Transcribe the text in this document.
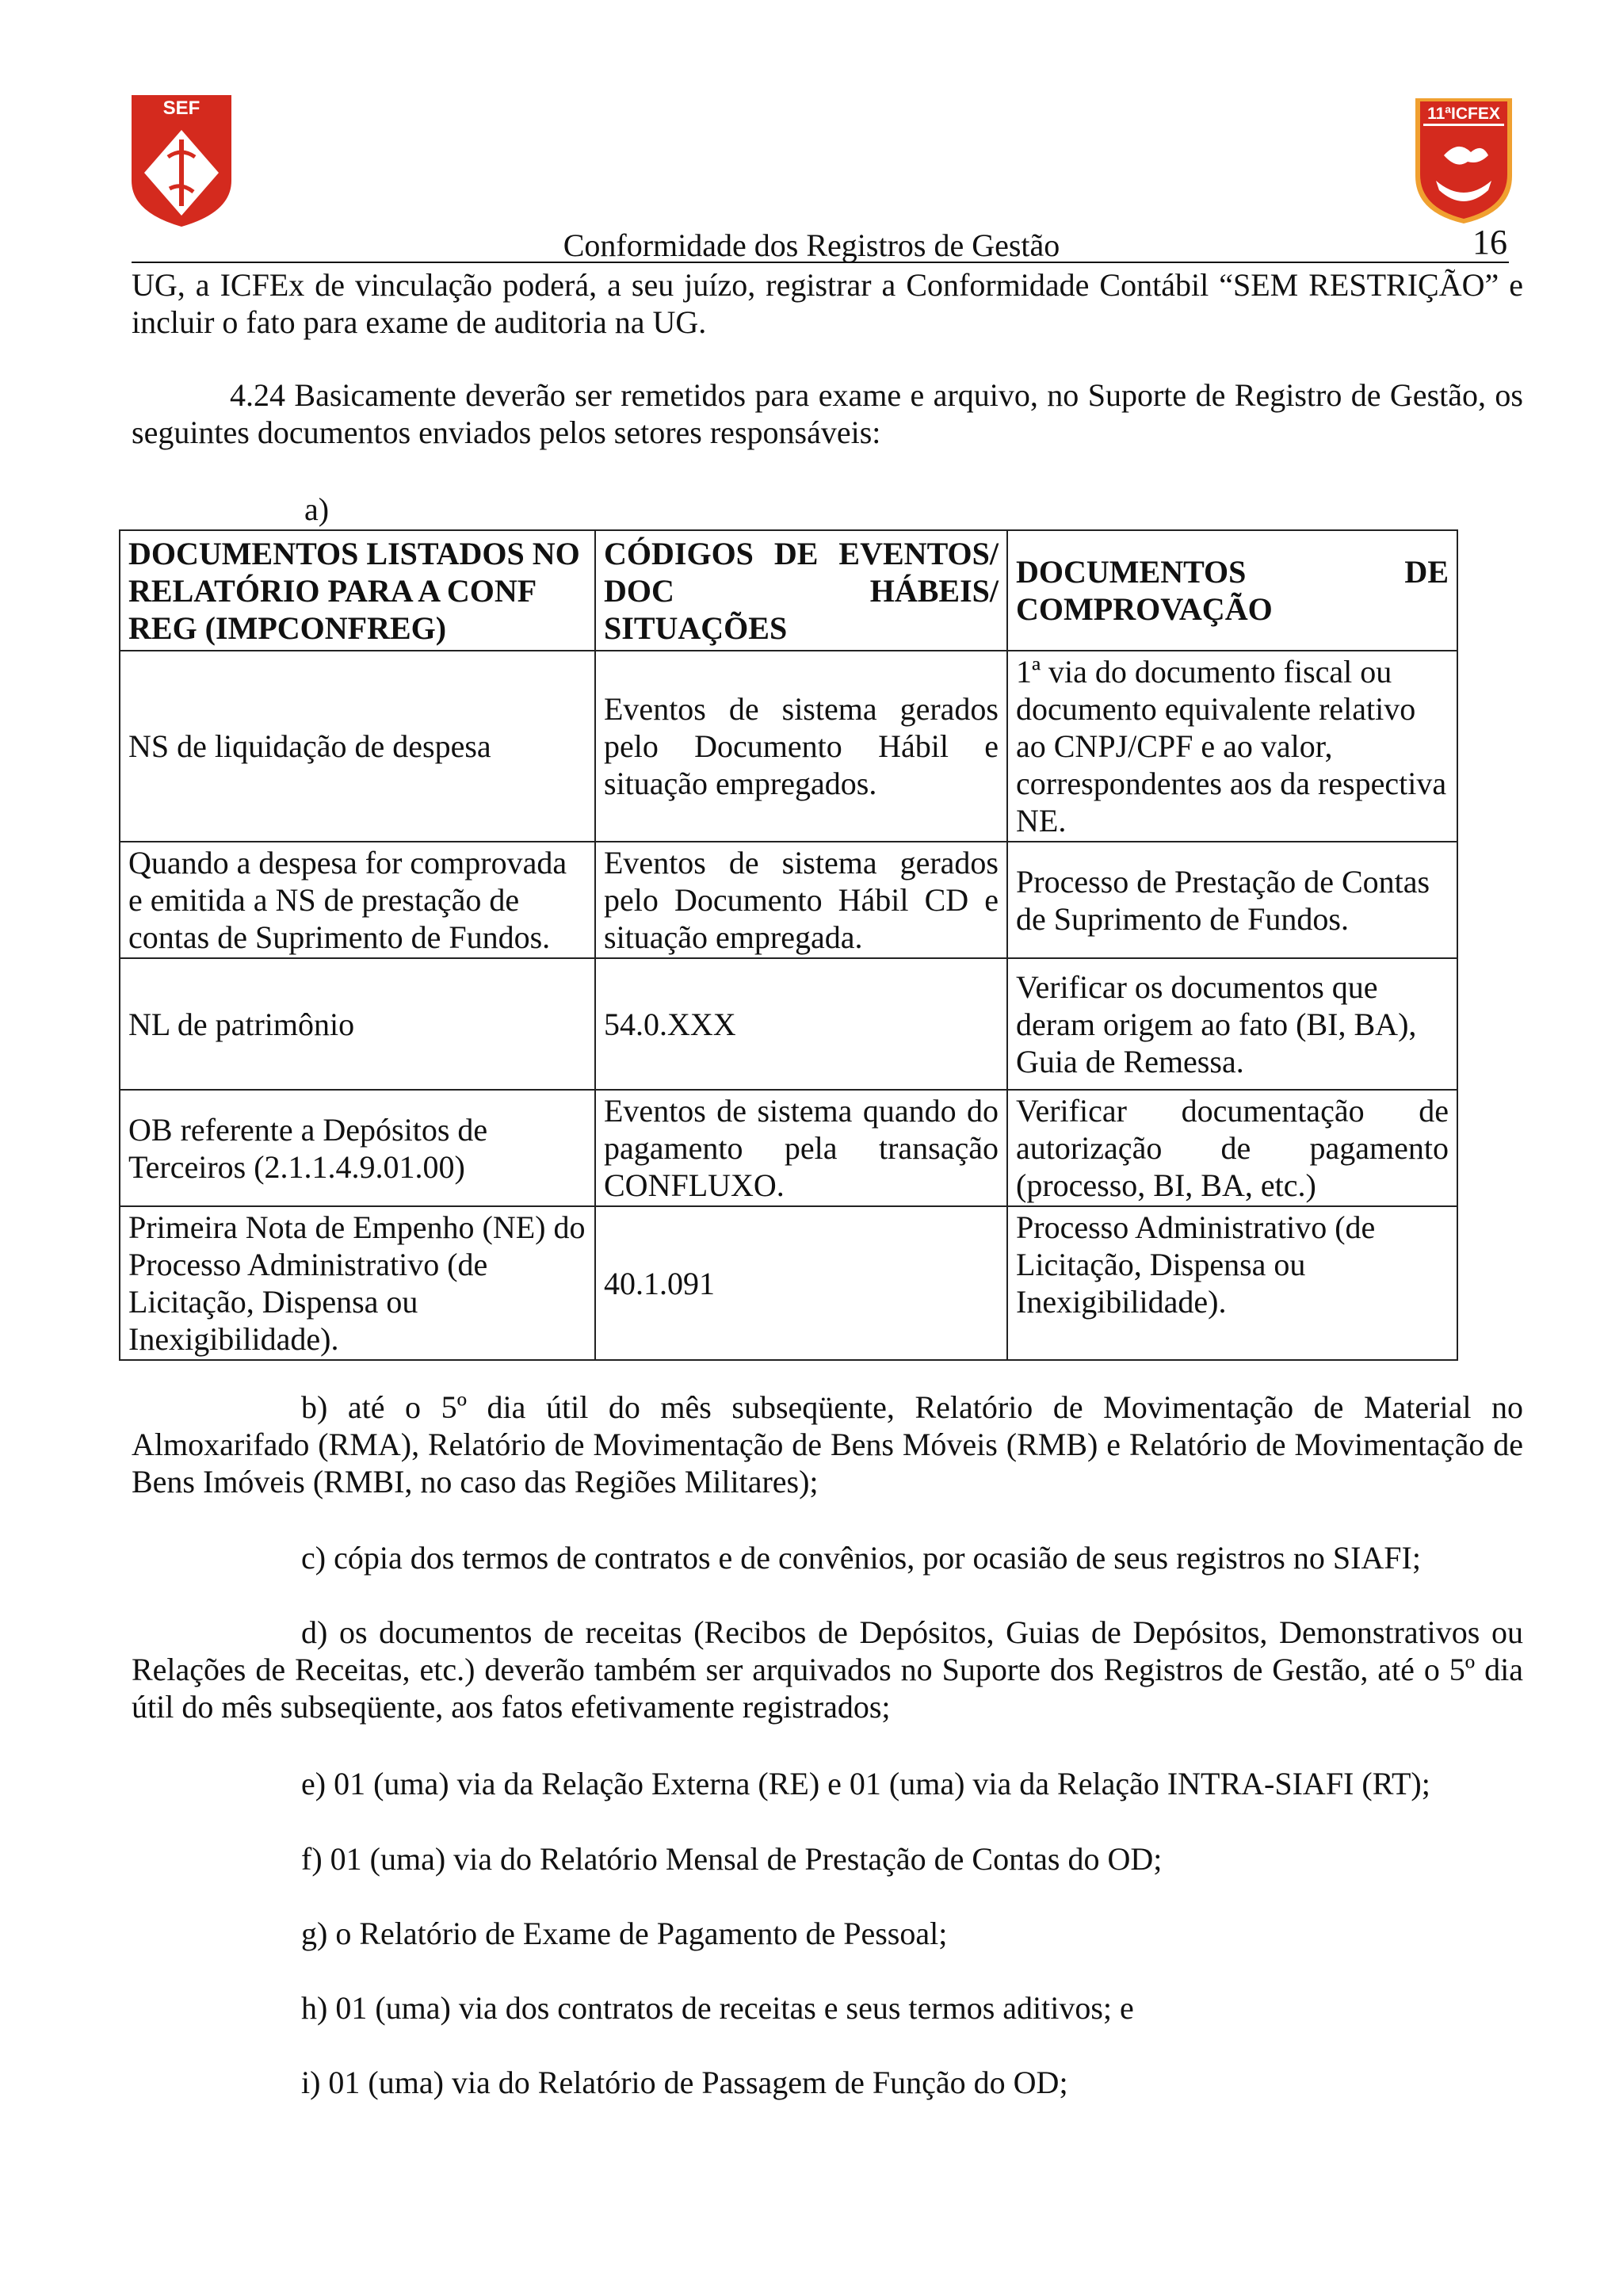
SEF	11ªICFEX
Conformidade dos Registros de Gestão	16
UG, a ICFEx de vinculação poderá, a seu juízo, registrar a Conformidade Contábil “SEM RESTRIÇÃO” e incluir o fato para exame de auditoria na UG.
4.24 Basicamente deverão ser remetidos para exame e arquivo, no Suporte de Registro de Gestão, os seguintes documentos enviados pelos setores responsáveis:
a)
DOCUMENTOS LISTADOS NO RELATÓRIO PARA A CONF REG (IMPCONFREG)	CÓDIGOS DE EVENTOS/ DOC HÁBEIS/ SITUAÇÕES	DOCUMENTOS DE COMPROVAÇÃO
NS de liquidação de despesa	Eventos de sistema gerados pelo Documento Hábil e situação empregados.	1ª via do documento fiscal ou documento equivalente relativo ao CNPJ/CPF e ao valor, correspondentes aos da respectiva NE.
Quando a despesa for comprovada e emitida a NS de prestação de contas de Suprimento de Fundos.	Eventos de sistema gerados pelo Documento Hábil CD e situação empregada.	Processo de Prestação de Contas de Suprimento de Fundos.
NL de patrimônio	54.0.XXX	Verificar os documentos que deram origem ao fato (BI, BA), Guia de Remessa.
OB referente a Depósitos de Terceiros (2.1.1.4.9.01.00)	Eventos de sistema quando do pagamento pela transação CONFLUXO.	Verificar documentação de autorização de pagamento (processo, BI, BA, etc.)
Primeira Nota de Empenho (NE) do Processo Administrativo (de Licitação, Dispensa ou Inexigibilidade).	40.1.091	Processo Administrativo (de Licitação, Dispensa ou Inexigibilidade).
b) até o 5º dia útil do mês subseqüente, Relatório de Movimentação de Material no Almoxarifado (RMA), Relatório de Movimentação de Bens Móveis (RMB) e Relatório de Movimentação de Bens Imóveis (RMBI, no caso das Regiões Militares);
c) cópia dos termos de contratos e de convênios, por ocasião de seus registros no SIAFI;
d) os documentos de receitas (Recibos de Depósitos, Guias de Depósitos, Demonstrativos ou Relações de Receitas, etc.) deverão também ser arquivados no Suporte dos Registros de Gestão, até o 5º dia útil do mês subseqüente, aos fatos efetivamente registrados;
e) 01 (uma) via da Relação Externa (RE) e 01 (uma) via da Relação INTRA-SIAFI (RT);
f) 01 (uma) via do Relatório Mensal de Prestação de Contas do OD;
g) o Relatório de Exame de Pagamento de Pessoal;
h) 01 (uma) via dos contratos de receitas e seus termos aditivos; e
i) 01 (uma) via do Relatório de Passagem de Função do OD;
